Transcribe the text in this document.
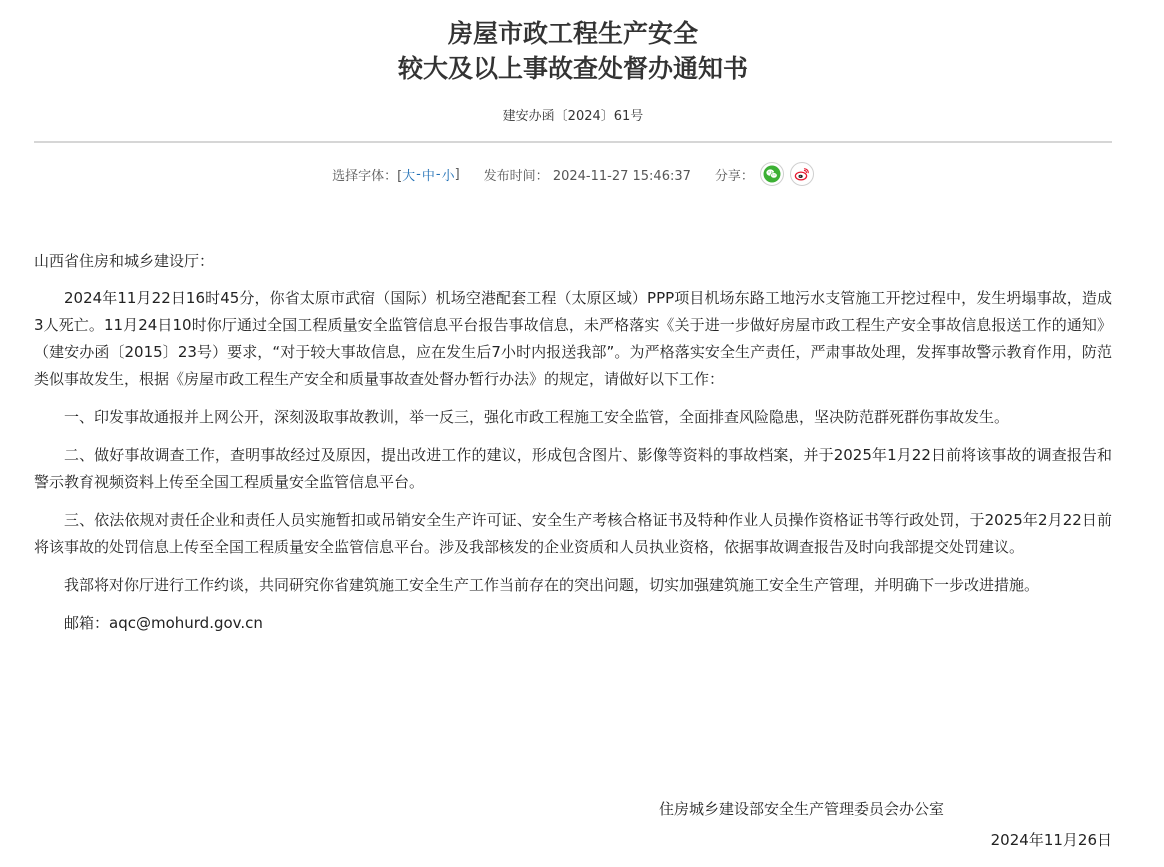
房屋市政工程生产安全
较大及以上事故查处督办通知书
建安办函〔2024〕61号
选择字体：[ 大 - 中 - 小 ] 发布时间： 2024-11-27 15:46:37 分享：

山西省住房和城乡建设厅：

2024年11月22日16时45分，你省太原市武宿（国际）机场空港配套工程（太原区域）PPP项目机场东路工地污水支管施工开挖过程中，发生坍塌事故，造成3人死亡。11月24日10时你厅通过全国工程质量安全监管信息平台报告事故信息，未严格落实《关于进一步做好房屋市政工程生产安全事故信息报送工作的通知》（建安办函〔2015〕23号）要求，“对于较大事故信息，应在发生后7小时内报送我部”。为严格落实安全生产责任，严肃事故处理，发挥事故警示教育作用，防范类似事故发生，根据《房屋市政工程生产安全和质量事故查处督办暂行办法》的规定，请做好以下工作：

一、印发事故通报并上网公开，深刻汲取事故教训，举一反三，强化市政工程施工安全监管，全面排查风险隐患，坚决防范群死群伤事故发生。

二、做好事故调查工作，查明事故经过及原因，提出改进工作的建议，形成包含图片、影像等资料的事故档案，并于2025年1月22日前将该事故的调查报告和警示教育视频资料上传至全国工程质量安全监管信息平台。

三、依法依规对责任企业和责任人员实施暂扣或吊销安全生产许可证、安全生产考核合格证书及特种作业人员操作资格证书等行政处罚，于2025年2月22日前将该事故的处罚信息上传至全国工程质量安全监管信息平台。涉及我部核发的企业资质和人员执业资格，依据事故调查报告及时向我部提交处罚建议。

我部将对你厅进行工作约谈，共同研究你省建筑施工安全生产工作当前存在的突出问题，切实加强建筑施工安全生产管理，并明确下一步改进措施。

邮箱：aqc@mohurd.gov.cn

住房城乡建设部安全生产管理委员会办公室
2024年11月26日
